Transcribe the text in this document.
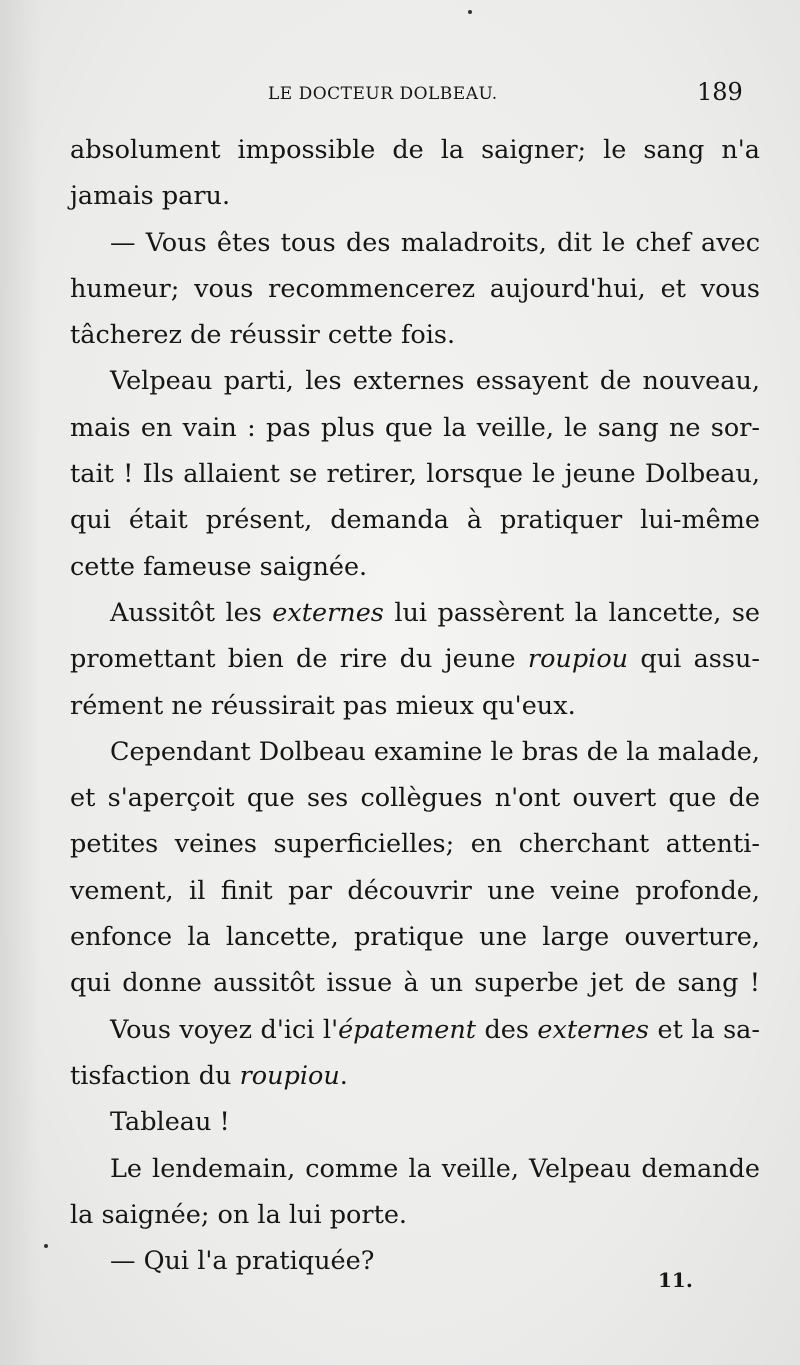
LE DOCTEUR DOLBEAU.	189
absolument impossible de la saigner; le sang n'a
jamais paru.
— Vous êtes tous des maladroits, dit le chef avec
humeur; vous recommencerez aujourd'hui, et vous
tâcherez de réussir cette fois.
Velpeau parti, les externes essayent de nouveau,
mais en vain : pas plus que la veille, le sang ne sor-
tait ! Ils allaient se retirer, lorsque le jeune Dolbeau,
qui était présent, demanda à pratiquer lui-même
cette fameuse saignée.
Aussitôt les externes lui passèrent la lancette, se
promettant bien de rire du jeune roupiou qui assu-
rément ne réussirait pas mieux qu'eux.
Cependant Dolbeau examine le bras de la malade,
et s'aperçoit que ses collègues n'ont ouvert que de
petites veines superficielles; en cherchant attenti-
vement, il finit par découvrir une veine profonde,
enfonce la lancette, pratique une large ouverture,
qui donne aussitôt issue à un superbe jet de sang !
Vous voyez d'ici l'épatement des externes et la sa-
tisfaction du roupiou.
Tableau !
Le lendemain, comme la veille, Velpeau demande
la saignée; on la lui porte.
— Qui l'a pratiquée?
11.
